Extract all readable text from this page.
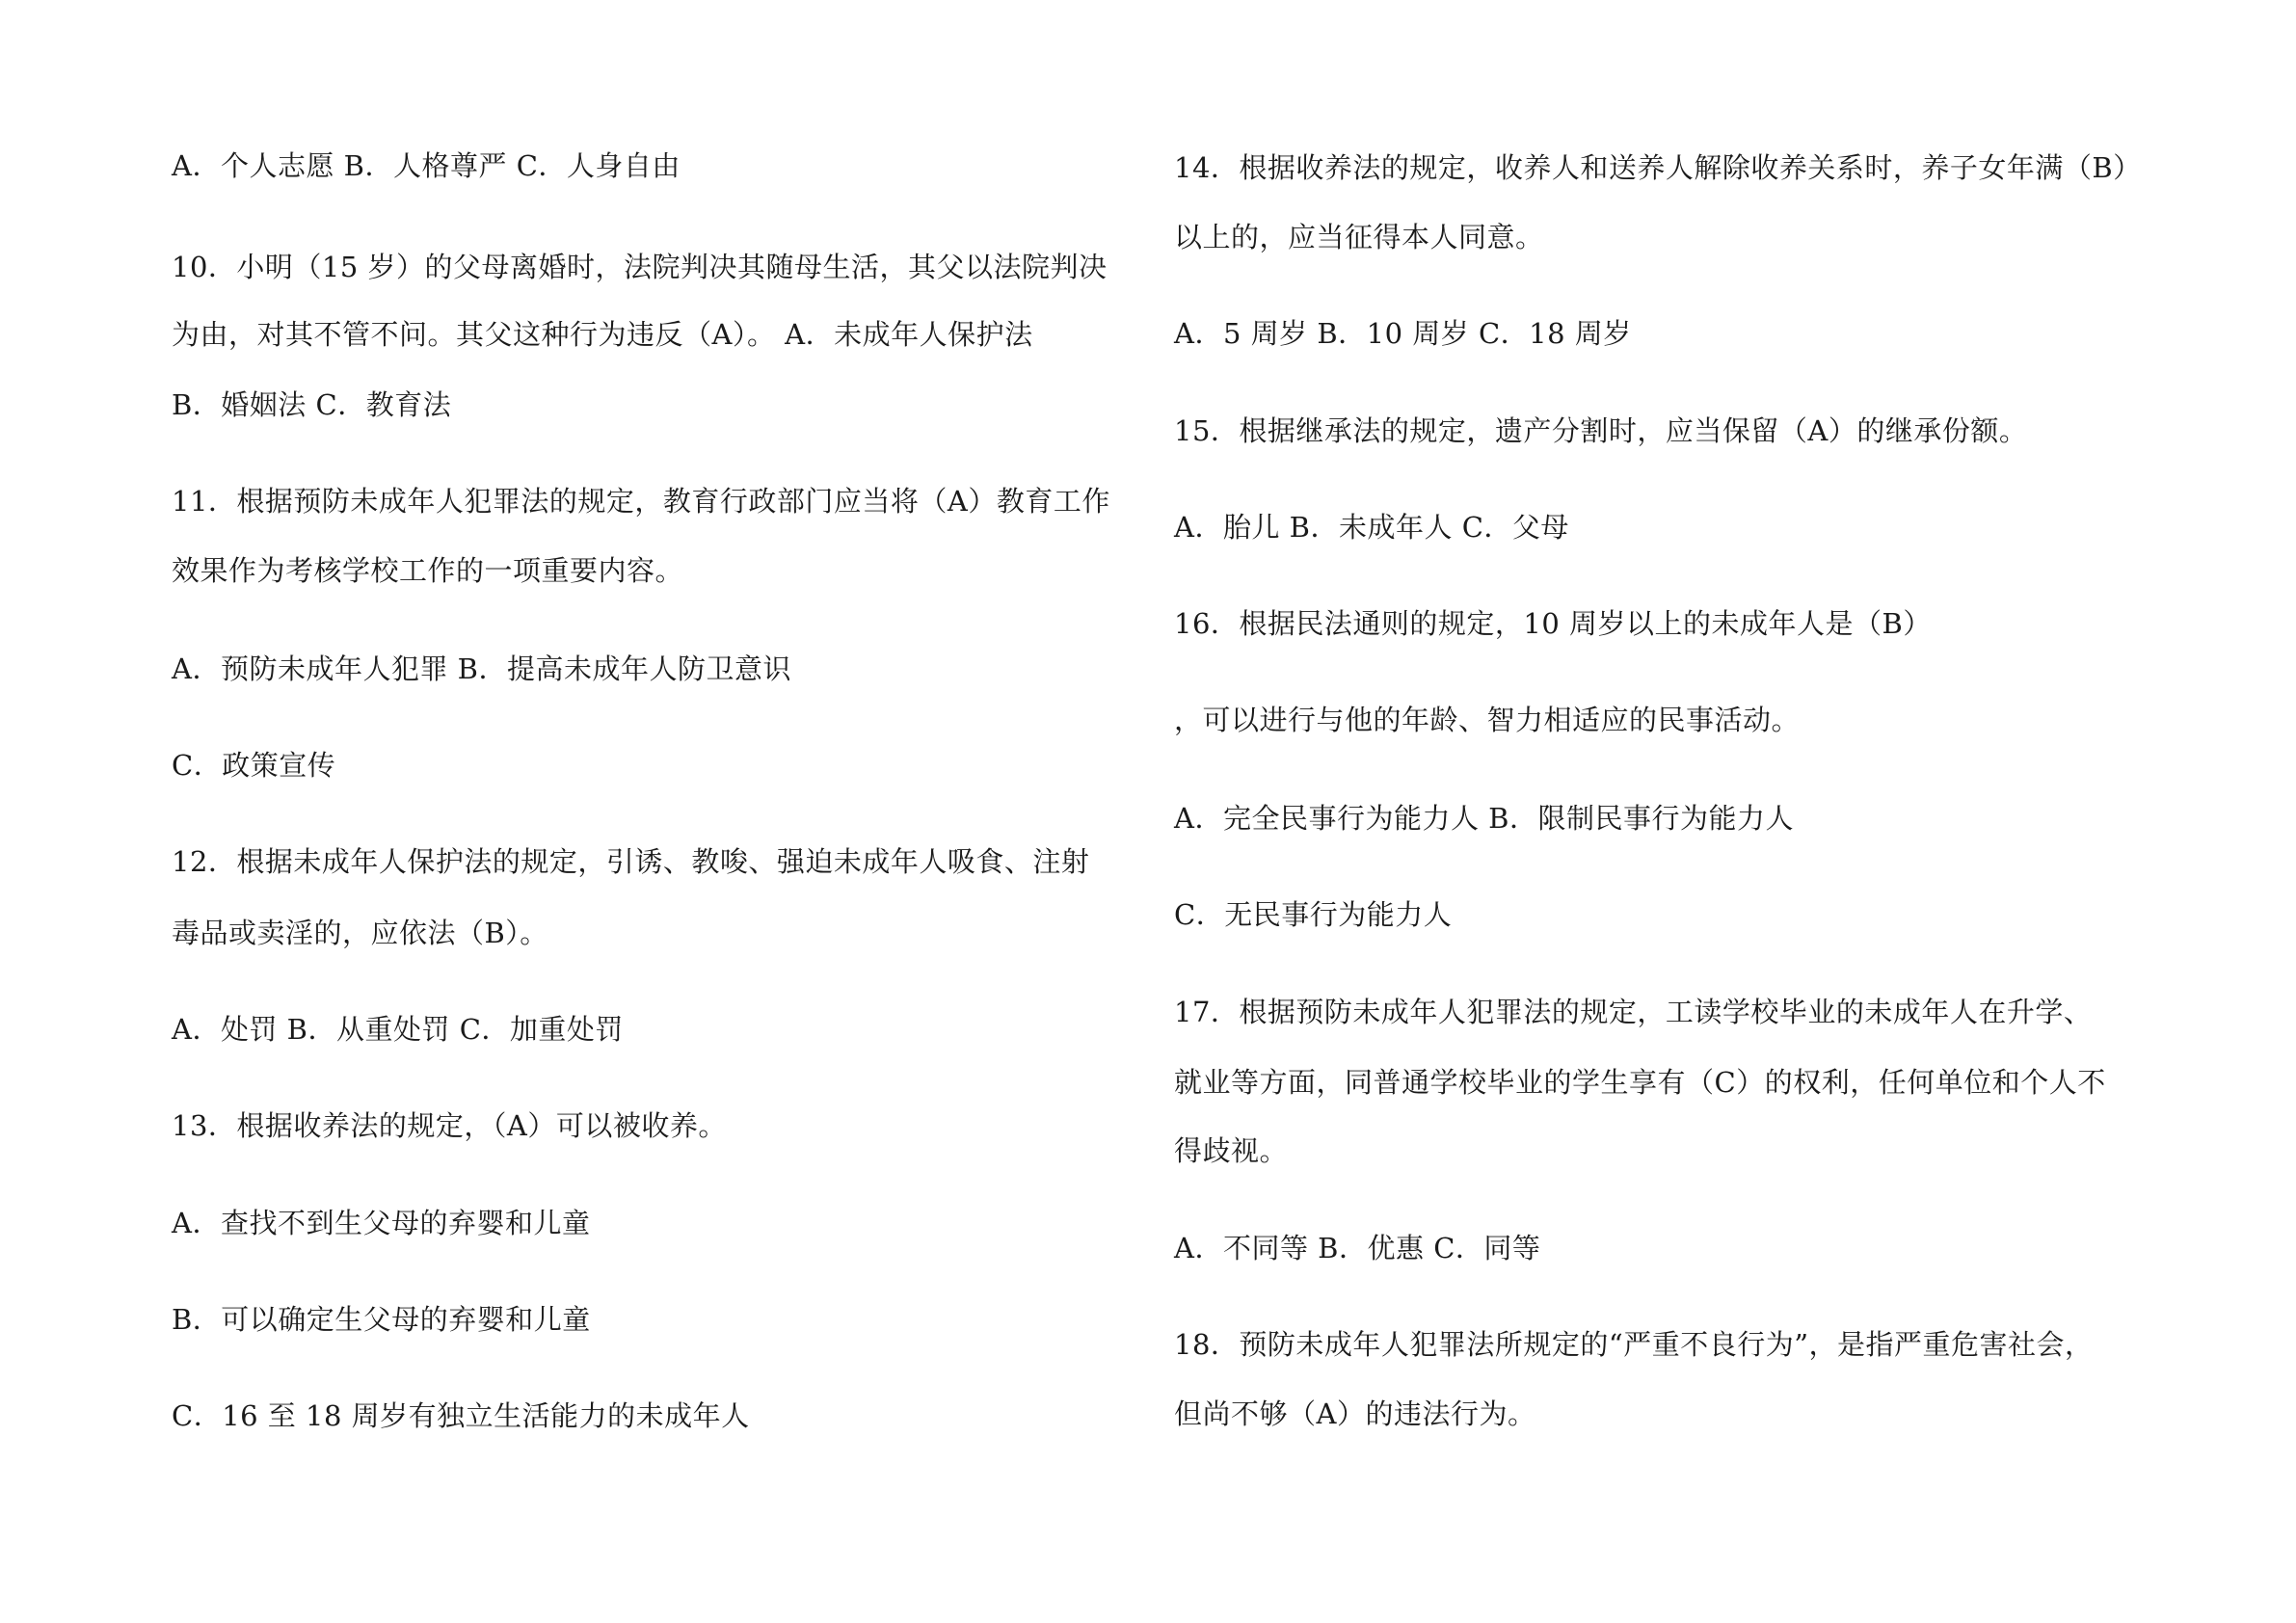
A．个人志愿 B．人格尊严 C．人身自由
10．小明（15 岁）的父母离婚时，法院判决其随母生活，其父以法院判决
为由，对其不管不问。其父这种行为违反（A）。 A．未成年人保护法
B．婚姻法 C．教育法
11．根据预防未成年人犯罪法的规定，教育行政部门应当将（A）教育工作
效果作为考核学校工作的一项重要内容。
A．预防未成年人犯罪 B．提高未成年人防卫意识
C．政策宣传
12．根据未成年人保护法的规定，引诱、教唆、强迫未成年人吸食、注射
毒品或卖淫的，应依法（B）。
A．处罚 B．从重处罚 C．加重处罚
13．根据收养法的规定，（A）可以被收养。
A．查找不到生父母的弃婴和儿童
B．可以确定生父母的弃婴和儿童
C．16 至 18 周岁有独立生活能力的未成年人
14．根据收养法的规定，收养人和送养人解除收养关系时，养子女年满（B）
以上的，应当征得本人同意。
A．5 周岁 B．10 周岁 C．18 周岁
15．根据继承法的规定，遗产分割时，应当保留（A）的继承份额。
A．胎儿 B．未成年人 C．父母
16．根据民法通则的规定，10 周岁以上的未成年人是（B）
，可以进行与他的年龄、智力相适应的民事活动。
A．完全民事行为能力人 B．限制民事行为能力人
C．无民事行为能力人
17．根据预防未成年人犯罪法的规定，工读学校毕业的未成年人在升学、
就业等方面，同普通学校毕业的学生享有（C）的权利，任何单位和个人不
得歧视。
A．不同等 B．优惠 C．同等
18．预防未成年人犯罪法所规定的“严重不良行为”，是指严重危害社会，
但尚不够（A）的违法行为。
